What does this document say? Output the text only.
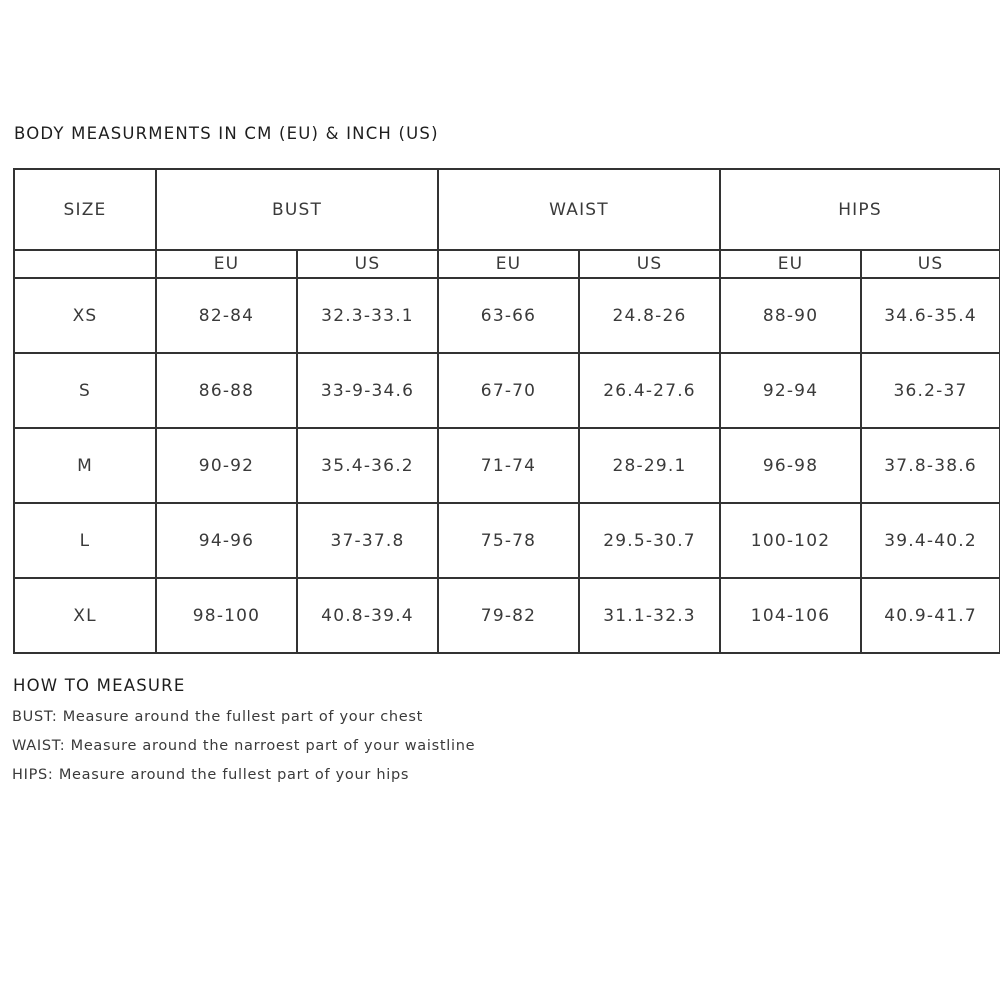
BODY MEASURMENTS IN CM (EU) & INCH (US)
SIZE	BUST		WAIST		HIPS	
	EU	US	EU	US	EU	US
XS	82-84	32.3-33.1	63-66	24.8-26	88-90	34.6-35.4
S	86-88	33-9-34.6	67-70	26.4-27.6	92-94	36.2-37
M	90-92	35.4-36.2	71-74	28-29.1	96-98	37.8-38.6
L	94-96	37-37.8	75-78	29.5-30.7	100-102	39.4-40.2
XL	98-100	40.8-39.4	79-82	31.1-32.3	104-106	40.9-41.7
HOW TO MEASURE
BUST: Measure around the fullest part of your chest
WAIST: Measure around the narroest part of your waistline
HIPS: Measure around the fullest part of your hips
